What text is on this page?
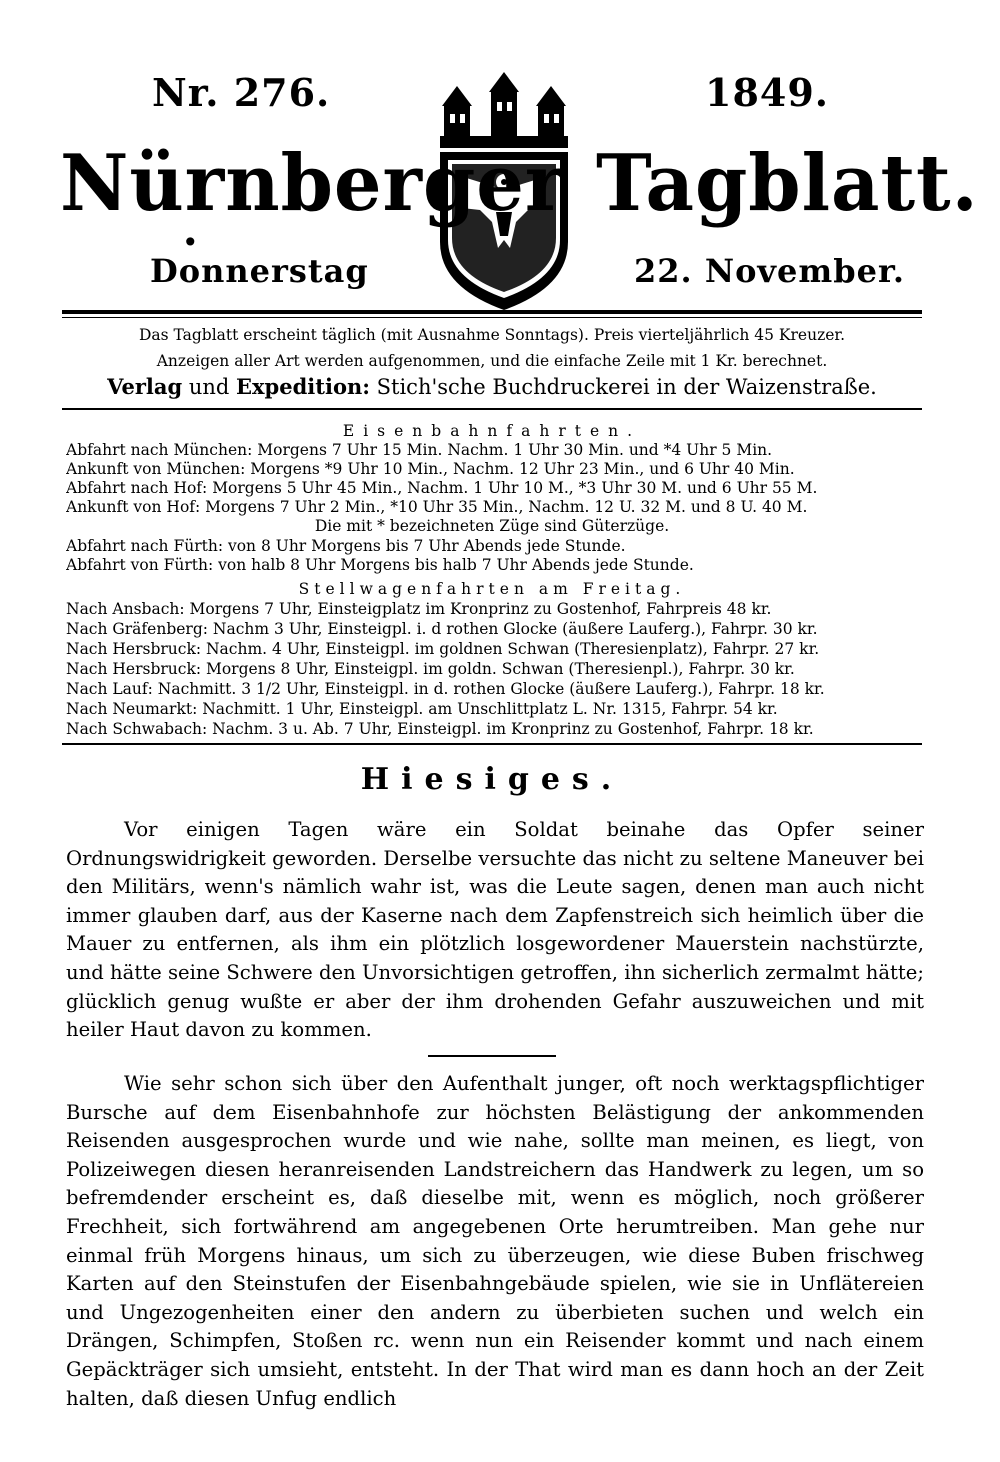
Nr. 276.	1849.
Nürnberger Tagblatt.
•
Donnerstag	22. November.
Das Tagblatt erscheint täglich (mit Ausnahme Sonntags). Preis vierteljährlich 45 Kreuzer.
Anzeigen aller Art werden aufgenommen, und die einfache Zeile mit 1 Kr. berechnet.
Verlag und Expedition: Stich'sche Buchdruckerei in der Waizenstraße.
Eisenbahnfahrten.
Abfahrt nach München: Morgens 7 Uhr 15 Min. Nachm. 1 Uhr 30 Min. und *4 Uhr 5 Min.
Ankunft von München: Morgens *9 Uhr 10 Min., Nachm. 12 Uhr 23 Min., und 6 Uhr 40 Min.
Abfahrt nach Hof: Morgens 5 Uhr 45 Min., Nachm. 1 Uhr 10 M., *3 Uhr 30 M. und 6 Uhr 55 M.
Ankunft von Hof: Morgens 7 Uhr 2 Min., *10 Uhr 35 Min., Nachm. 12 U. 32 M. und 8 U. 40 M.
Die mit * bezeichneten Züge sind Güterzüge.
Abfahrt nach Fürth: von 8 Uhr Morgens bis 7 Uhr Abends jede Stunde.
Abfahrt von Fürth: von halb 8 Uhr Morgens bis halb 7 Uhr Abends jede Stunde.
Stellwagenfahrten am Freitag.
Nach Ansbach: Morgens 7 Uhr, Einsteigplatz im Kronprinz zu Gostenhof, Fahrpreis 48 kr.
Nach Gräfenberg: Nachm 3 Uhr, Einsteigpl. i. d rothen Glocke (äußere Lauferg.), Fahrpr. 30 kr.
Nach Hersbruck: Nachm. 4 Uhr, Einsteigpl. im goldnen Schwan (Theresienplatz), Fahrpr. 27 kr.
Nach Hersbruck: Morgens 8 Uhr, Einsteigpl. im goldn. Schwan (Theresienpl.), Fahrpr. 30 kr.
Nach Lauf: Nachmitt. 3 1/2 Uhr, Einsteigpl. in d. rothen Glocke (äußere Lauferg.), Fahrpr. 18 kr.
Nach Neumarkt: Nachmitt. 1 Uhr, Einsteigpl. am Unschlittplatz L. Nr. 1315, Fahrpr. 54 kr.
Nach Schwabach: Nachm. 3 u. Ab. 7 Uhr, Einsteigpl. im Kronprinz zu Gostenhof, Fahrpr. 18 kr.
Hiesiges.

Vor einigen Tagen wäre ein Soldat beinahe das Opfer seiner Ordnungswidrigkeit geworden. Derselbe versuchte das nicht zu seltene Maneuver bei den Militärs, wenn's nämlich wahr ist, was die Leute sagen, denen man auch nicht immer glauben darf, aus der Kaserne nach dem Zapfenstreich sich heimlich über die Mauer zu entfernen, als ihm ein plötzlich losgewordener Mauerstein nachstürzte, und hätte seine Schwere den Unvorsichtigen getroffen, ihn sicherlich zermalmt hätte; glücklich genug wußte er aber der ihm drohenden Gefahr auszuweichen und mit heiler Haut davon zu kommen.

Wie sehr schon sich über den Aufenthalt junger, oft noch werktagspflichtiger Bursche auf dem Eisenbahnhofe zur höchsten Belästigung der ankommenden Reisenden ausgesprochen wurde und wie nahe, sollte man meinen, es liegt, von Polizeiwegen diesen heranreisenden Landstreichern das Handwerk zu legen, um so befremdender erscheint es, daß dieselbe mit, wenn es möglich, noch größerer Frechheit, sich fortwährend am angegebenen Orte herumtreiben. Man gehe nur einmal früh Morgens hinaus, um sich zu überzeugen, wie diese Buben frischweg Karten auf den Steinstufen der Eisenbahngebäude spielen, wie sie in Unflätereien und Ungezogenheiten einer den andern zu überbieten suchen und welch ein Drängen, Schimpfen, Stoßen rc. wenn nun ein Reisender kommt und nach einem Gepäckträger sich umsieht, entsteht. In der That wird man es dann hoch an der Zeit halten, daß diesen Unfug endlich
